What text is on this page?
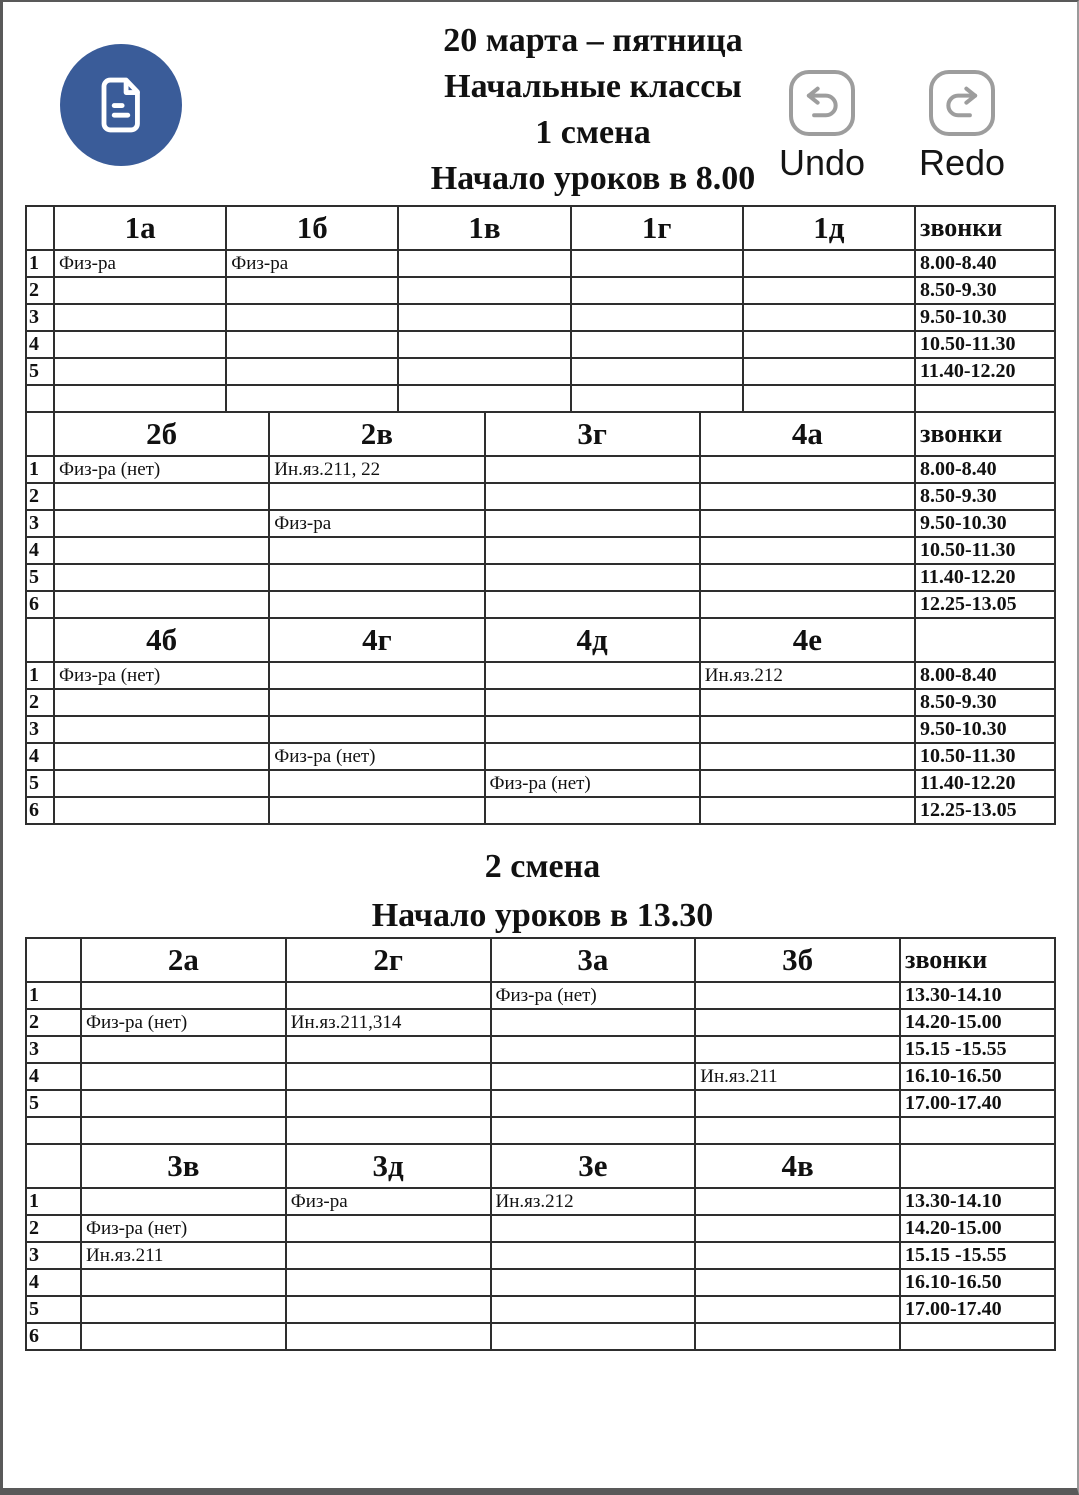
20 марта – пятница
Начальные классы
1 смена
Начало уроков в 8.00 Undo	Redo
	1а	1б	1в	1г	1д	звонки
1	Физ-ра	Физ-ра				8.00-8.40
2						8.50-9.30
3						9.50-10.30
4						10.50-11.30
5						11.40-12.20

	2б	2в	3г	4а	звонки
1	Физ-ра (нет)	Ин.яз.211, 22			8.00-8.40
2					8.50-9.30
3		Физ-ра			9.50-10.30
4					10.50-11.30
5					11.40-12.20
6					12.25-13.05
	4б	4г	4д	4е	
1	Физ-ра (нет)			Ин.яз.212	8.00-8.40
2					8.50-9.30
3					9.50-10.30
4		Физ-ра (нет)			10.50-11.30
5			Физ-ра (нет)		11.40-12.20
6					12.25-13.05
2 смена
Начало уроков в 13.30
	2а	2г	3а	3б	звонки
1			Физ-ра (нет)		13.30-14.10
2	Физ-ра (нет)	Ин.яз.211,314			14.20-15.00
3					15.15 -15.55
4				Ин.яз.211	16.10-16.50
5					17.00-17.40

	3в	3д	3е	4в	
1		Физ-ра	Ин.яз.212		13.30-14.10
2	Физ-ра (нет)				14.20-15.00
3	Ин.яз.211				15.15 -15.55
4					16.10-16.50
5					17.00-17.40
6					
